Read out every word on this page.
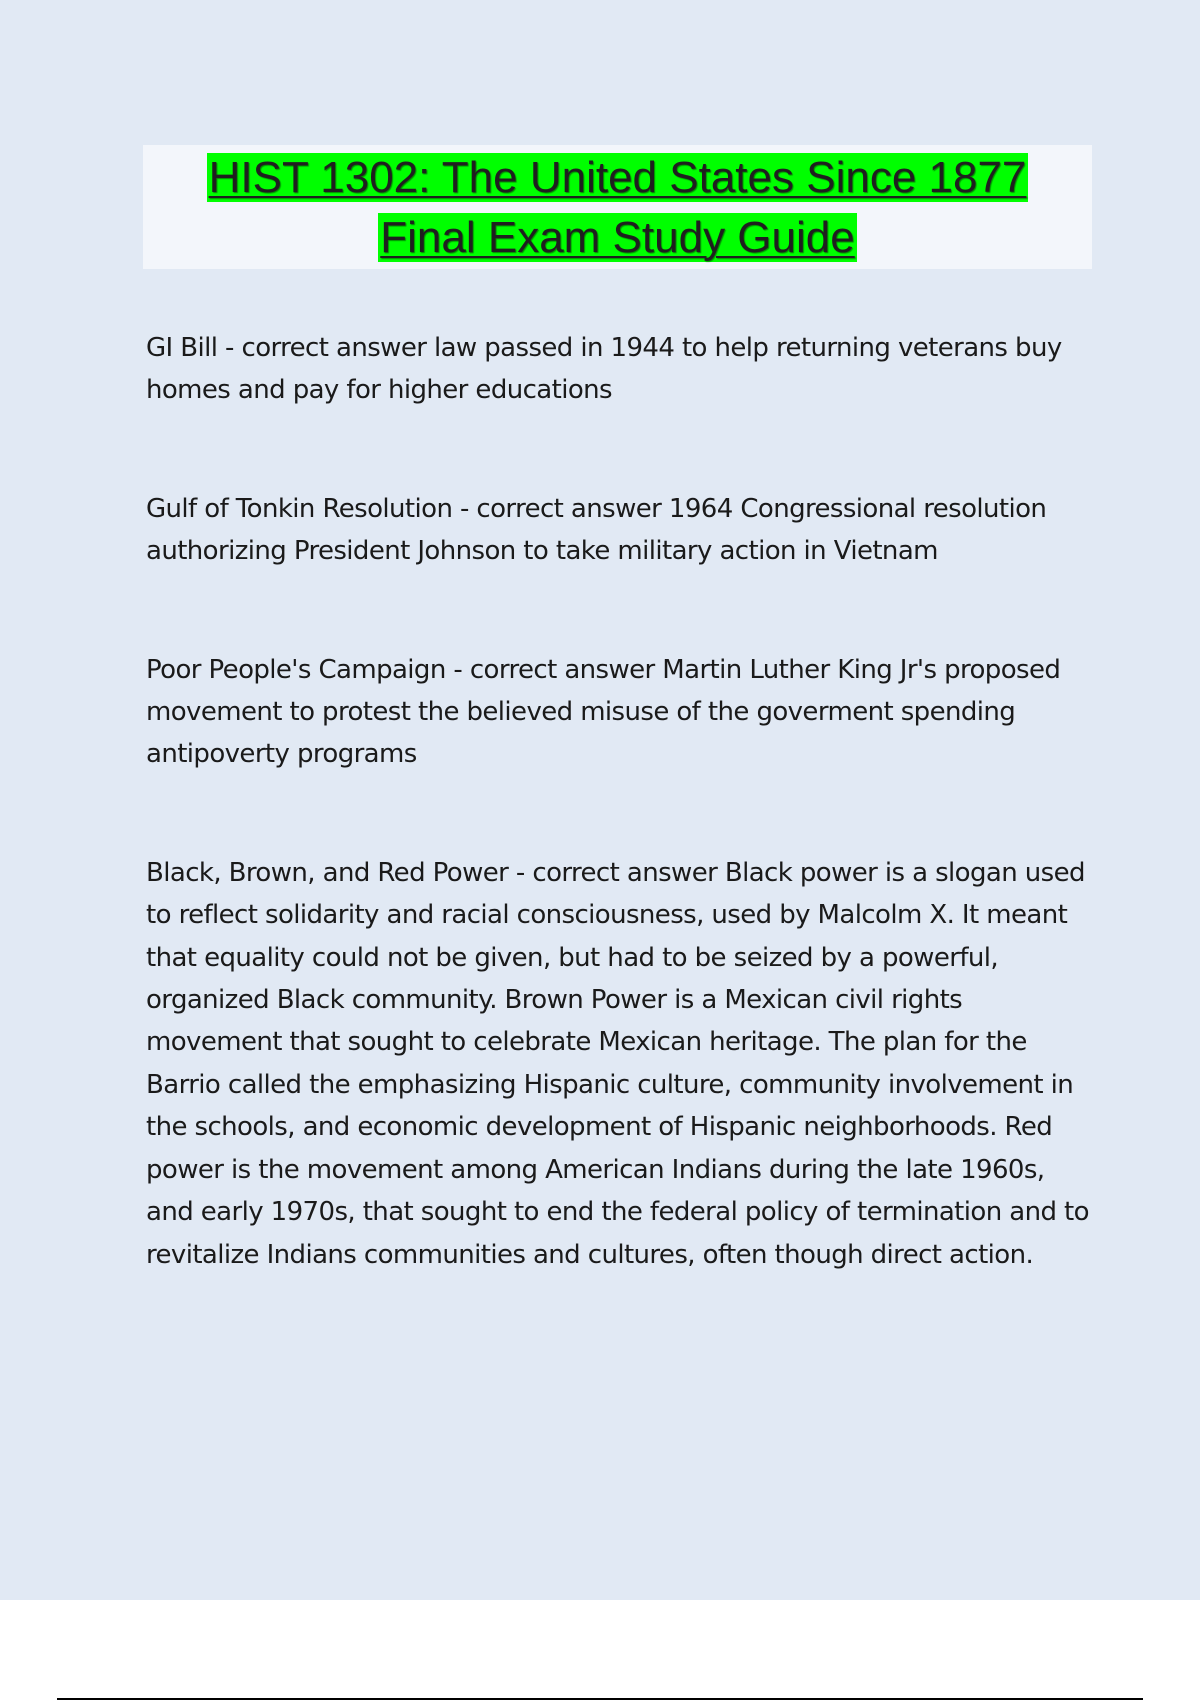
HIST 1302: The United States Since 1877
Final Exam Study Guide

GI Bill - correct answer law passed in 1944 to help returning veterans buy homes and pay for higher educations

Gulf of Tonkin Resolution - correct answer 1964 Congressional resolution authorizing President Johnson to take military action in Vietnam

Poor People's Campaign - correct answer Martin Luther King Jr's proposed movement to protest the believed misuse of the goverment spending antipoverty programs

Black, Brown, and Red Power - correct answer Black power is a slogan used to reflect solidarity and racial consciousness, used by Malcolm X. It meant that equality could not be given, but had to be seized by a powerful, organized Black community. Brown Power is a Mexican civil rights movement that sought to celebrate Mexican heritage. The plan for the Barrio called the emphasizing Hispanic culture, community involvement in the schools, and economic development of Hispanic neighborhoods. Red power is the movement among American Indians during the late 1960s, and early 1970s, that sought to end the federal policy of termination and to revitalize Indians communities and cultures, often though direct action.
